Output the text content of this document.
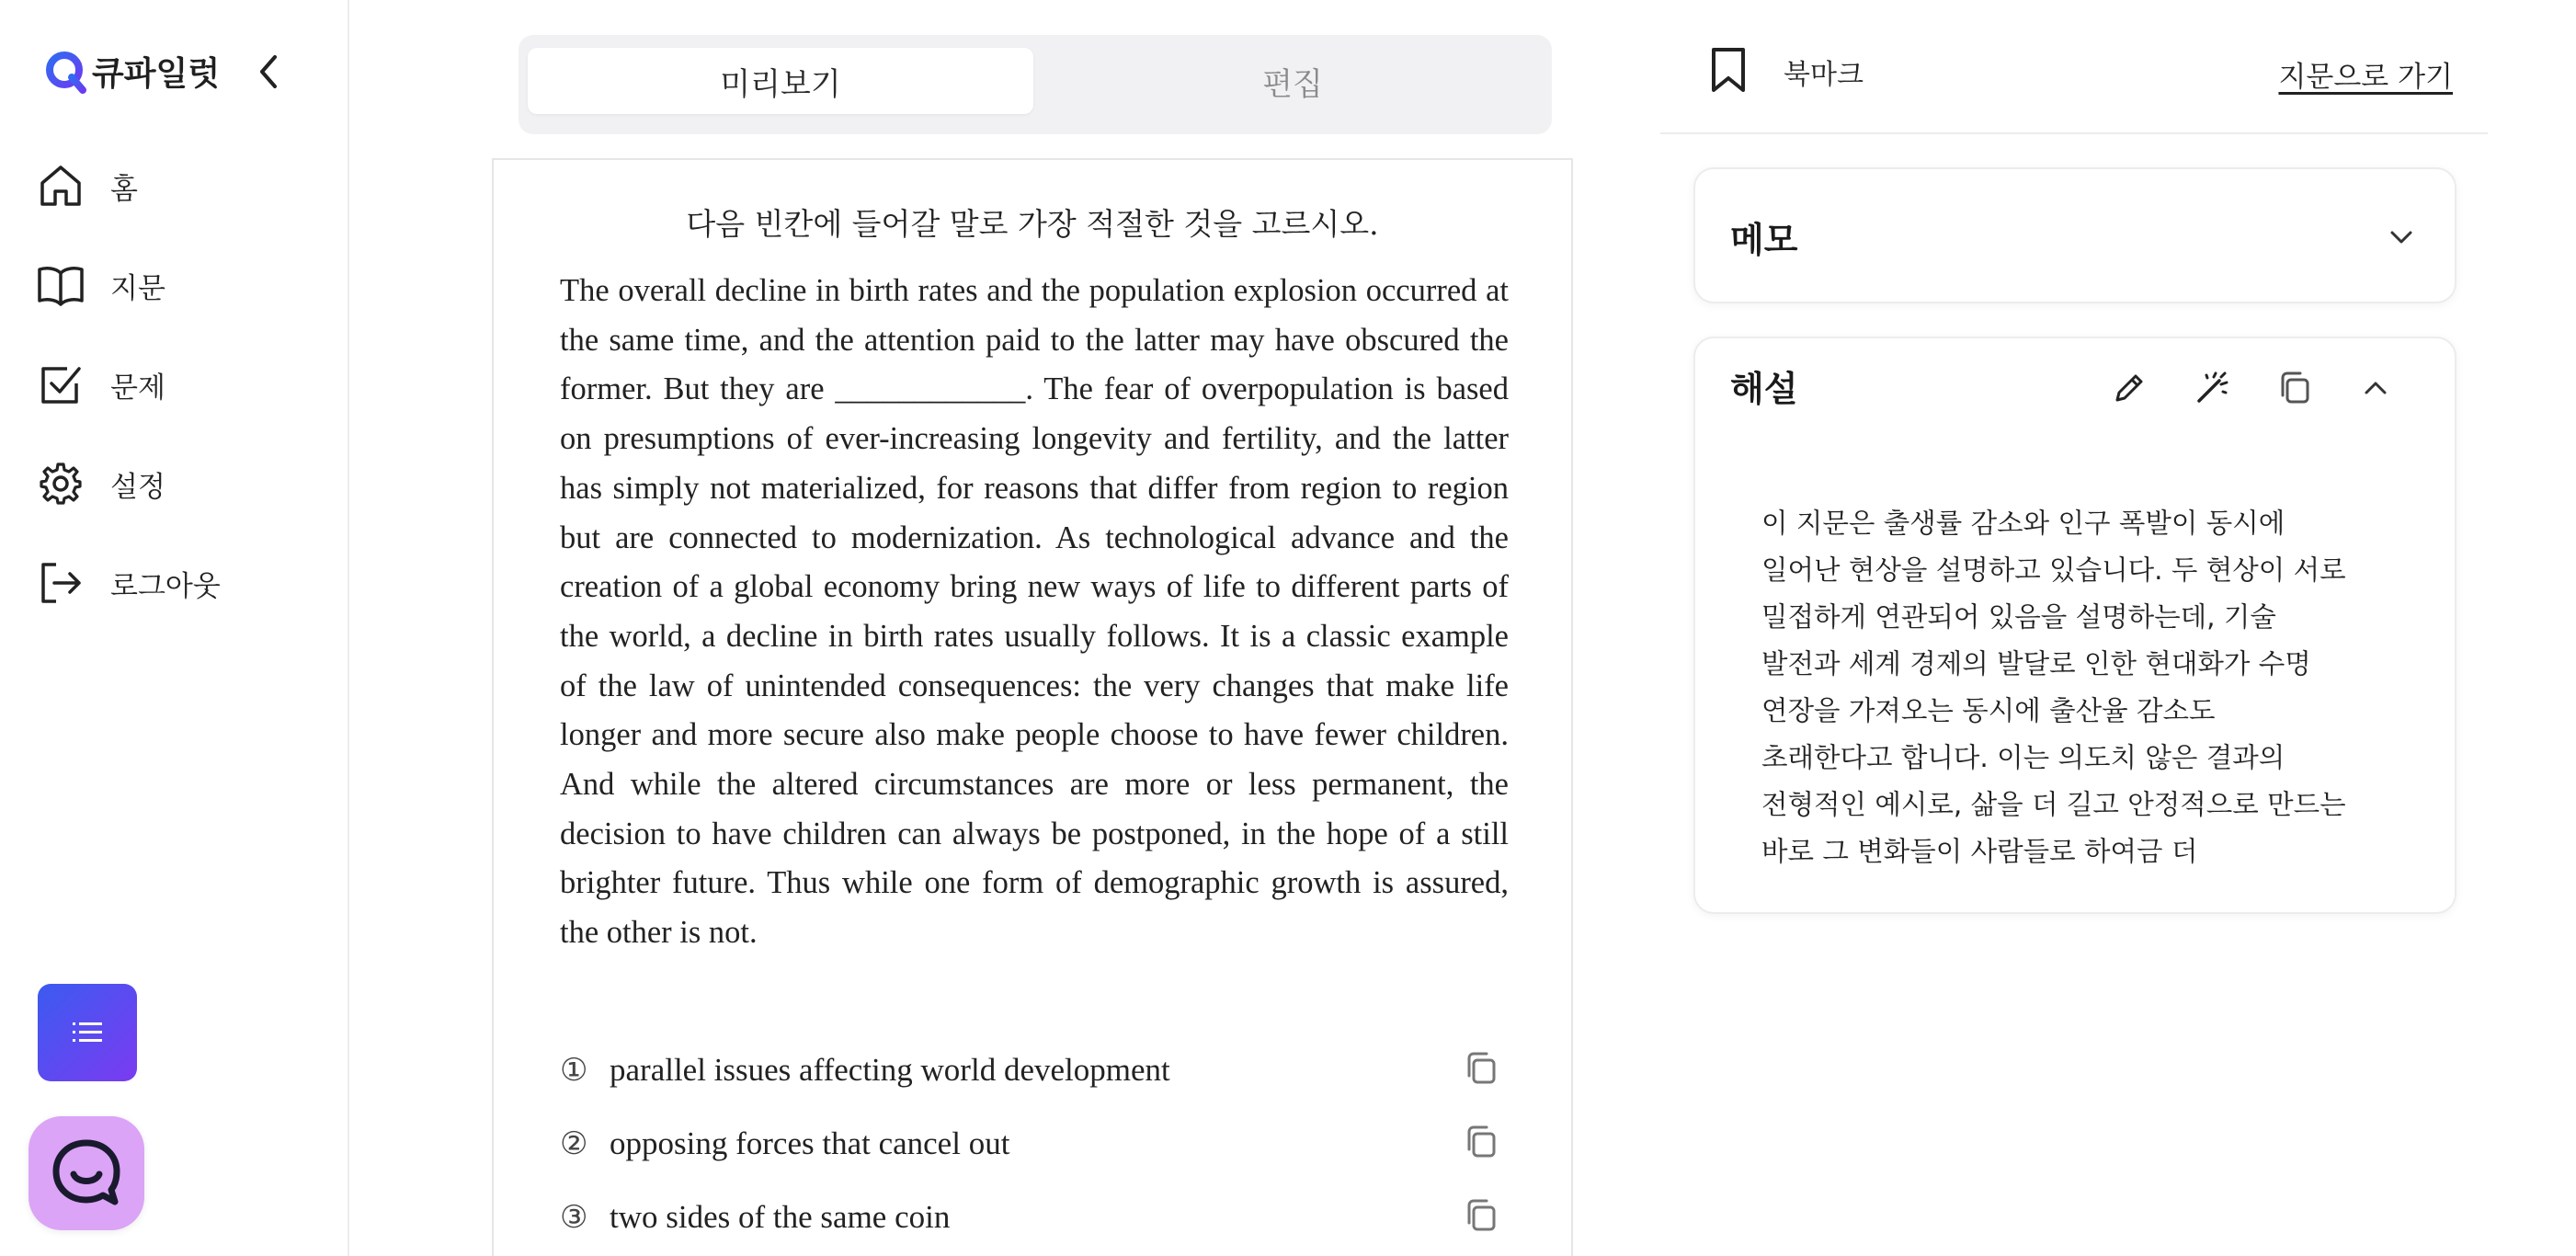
큐파일럿
홈
지문
문제
설정
로그아웃
미리보기	편집
다음 빈칸에 들어갈 말로 가장 적절한 것을 고르시오.
The overall decline in birth rates and the population explosion occurred at the same time, and the attention paid to the latter may have obscured the former. But they are ____________. The fear of overpopulation is based on presumptions of ever-increasing longevity and fertility, and the latter has simply not materialized, for reasons that differ from region to region but are connected to modernization. As technological advance and the creation of a global economy bring new ways of life to different parts of the world, a decline in birth rates usually follows. It is a classic example of the law of unintended consequences: the very changes that make life longer and more secure also make people choose to have fewer children. And while the altered circumstances are more or less permanent, the decision to have children can always be postponed, in the hope of a still brighter future. Thus while one form of demographic growth is assured, the other is not.
① parallel issues affecting world development
② opposing forces that cancel out
③ two sides of the same coin
북마크	지문으로 가기
메모
해설
이 지문은 출생률 감소와 인구 폭발이 동시에 일어난 현상을 설명하고 있습니다. 두 현상이 서로 밀접하게 연관되어 있음을 설명하는데, 기술 발전과 세계 경제의 발달로 인한 현대화가 수명 연장을 가져오는 동시에 출산율 감소도 초래한다고 합니다. 이는 의도치 않은 결과의 전형적인 예시로, 삶을 더 길고 안정적으로 만드는 바로 그 변화들이 사람들로 하여금 더
